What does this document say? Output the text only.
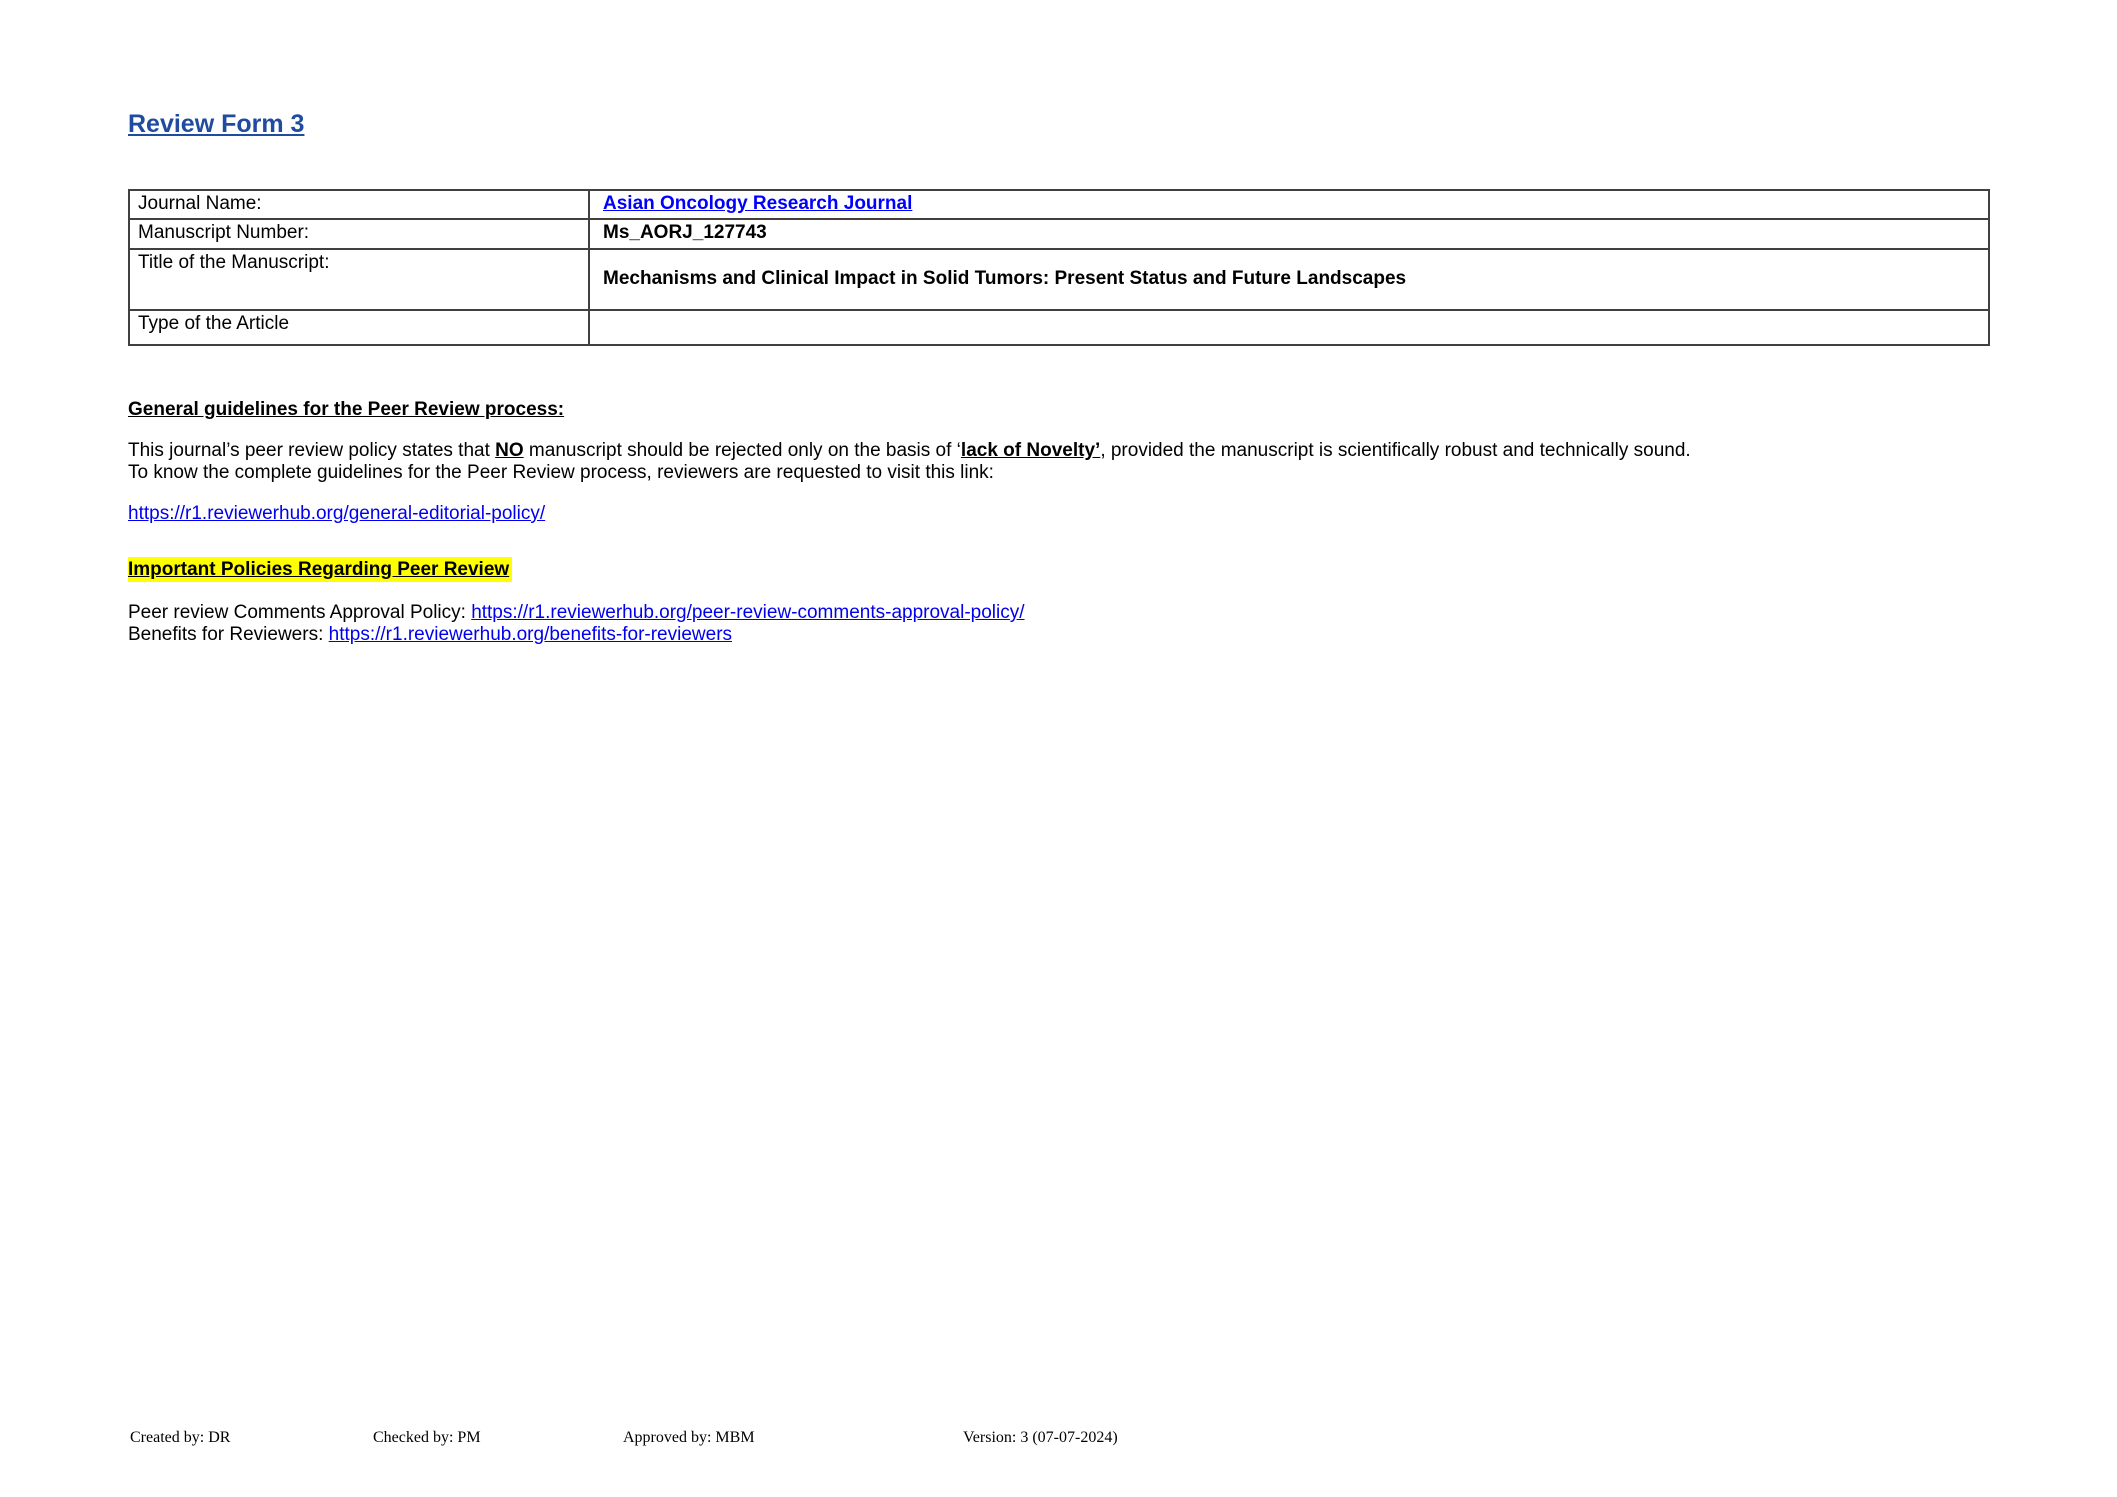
Review Form 3
Journal Name:	Asian Oncology Research Journal
Manuscript Number:	Ms_AORJ_127743
Title of the Manuscript:	Mechanisms and Clinical Impact in Solid Tumors: Present Status and Future Landscapes
Type of the Article	
General guidelines for the Peer Review process:

This journal’s peer review policy states that NO manuscript should be rejected only on the basis of ‘lack of Novelty’, provided the manuscript is scientifically robust and technically sound.
To know the complete guidelines for the Peer Review process, reviewers are requested to visit this link:

https://r1.reviewerhub.org/general-editorial-policy/
Important Policies Regarding Peer Review
Peer review Comments Approval Policy: https://r1.reviewerhub.org/peer-review-comments-approval-policy/
Benefits for Reviewers: https://r1.reviewerhub.org/benefits-for-reviewers
Created by: DR	Checked by: PM	Approved by: MBM	Version: 3 (07-07-2024)
